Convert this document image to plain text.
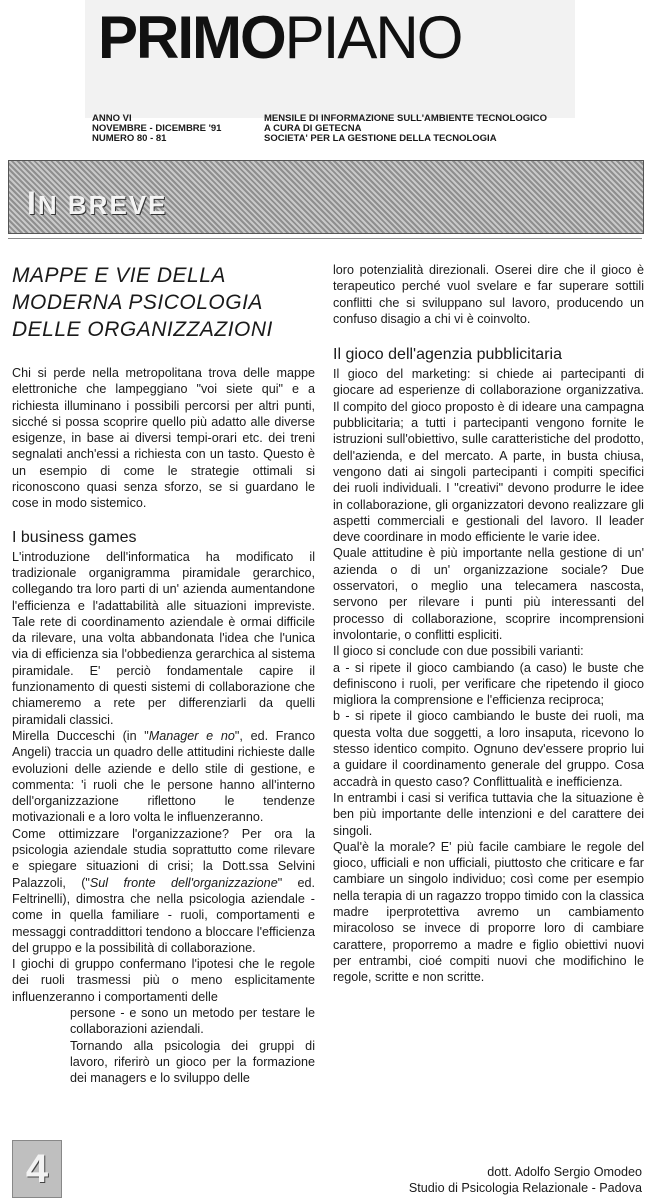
PRIMOPIANO
ANNO VI
NOVEMBRE - DICEMBRE '91
NUMERO 80 - 81
MENSILE DI INFORMAZIONE SULL'AMBIENTE TECNOLOGICO
A CURA DI GETECNA
SOCIETA' PER LA GESTIONE DELLA TECNOLOGIA
IN BREVE
MAPPE E VIE DELLA MODERNA PSICOLOGIA DELLE ORGANIZZAZIONI

Chi si perde nella metropolitana trova delle mappe elettroniche che lampeggiano "voi siete qui" e a richiesta illuminano i possibili percorsi per altri punti, sicché si possa scoprire quello più adatto alle diverse esigenze, in base ai diversi tempi-orari etc. dei treni segnalati anch'essi a richiesta con un tasto. Questo è un esempio di come le strategie ottimali si riconoscono quasi senza sforzo, se si guardano le cose in modo sistemico.

I business games

L'introduzione dell'informatica ha modificato il tradizionale organigramma piramidale gerarchico, collegando tra loro parti di un' azienda aumentandone l'efficienza e l'adattabilità alle situazioni impreviste. Tale rete di coordinamento aziendale è ormai difficile da rilevare, una volta abbandonata l'idea che l'unica via di efficienza sia l'obbedienza gerarchica al sistema piramidale. E' perciò fondamentale capire il funzionamento di questi sistemi di collaborazione che chiameremo a rete per differenziarli da quelli piramidali classici.

Mirella Ducceschi (in "Manager e no", ed. Franco Angeli) traccia un quadro delle attitudini richieste dalle evoluzioni delle aziende e dello stile di gestione, e commenta: 'i ruoli che le persone hanno all'interno dell'organizzazione riflettono le tendenze motivazionali e a loro volta le influenzeranno.

Come ottimizzare l'organizzazione? Per ora la psicologia aziendale studia soprattutto come rilevare e spiegare situazioni di crisi; la Dott.ssa Selvini Palazzoli, ("Sul fronte dell'organizzazione" ed. Feltrinelli), dimostra che nella psicologia aziendale - come in quella familiare - ruoli, comportamenti e messaggi contraddittori tendono a bloccare l'efficienza del gruppo e la possibilità di collaborazione.

I giochi di gruppo confermano l'ipotesi che le regole dei ruoli trasmessi più o meno esplicitamente influenzeranno i comportamenti delle

persone - e sono un metodo per testare le collaborazioni aziendali.

Tornando alla psicologia dei gruppi di lavoro, riferirò un gioco per la formazione dei managers e lo sviluppo delle

4

loro potenzialità direzionali. Oserei dire che il gioco è terapeutico perché vuol svelare e far superare sottili conflitti che si sviluppano sul lavoro, producendo un confuso disagio a chi vi è coinvolto.

Il gioco dell'agenzia pubblicitaria

Il gioco del marketing: si chiede ai partecipanti di giocare ad esperienze di collaborazione organizzativa. Il compito del gioco proposto è di ideare una campagna pubblicitaria; a tutti i partecipanti vengono fornite le istruzioni sull'obiettivo, sulle caratteristiche del prodotto, dell'azienda, e del mercato. A parte, in busta chiusa, vengono dati ai singoli partecipanti i compiti specifici dei ruoli individuali. I "creativi" devono produrre le idee in collaborazione, gli organizzatori devono realizzare gli aspetti commerciali e gestionali del lavoro. Il leader deve coordinare in modo efficiente le varie idee.

Quale attitudine è più importante nella gestione di un' azienda o di un' organizzazione sociale? Due osservatori, o meglio una telecamera nascosta, servono per rilevare i punti più interessanti del processo di collaborazione, scoprire incomprensioni involontarie, o conflitti espliciti.

Il gioco si conclude con due possibili varianti:

a - si ripete il gioco cambiando (a caso) le buste che definiscono i ruoli, per verificare che ripetendo il gioco migliora la comprensione e l'efficienza reciproca;

b - si ripete il gioco cambiando le buste dei ruoli, ma questa volta due soggetti, a loro insaputa, ricevono lo stesso identico compito. Ognuno dev'essere proprio lui a guidare il coordinamento generale del gruppo. Cosa accadrà in questo caso? Conflittualità e inefficienza.

In entrambi i casi si verifica tuttavia che la situazione è ben più importante delle intenzioni e del carattere dei singoli.

Qual'è la morale? E' più facile cambiare le regole del gioco, ufficiali e non ufficiali, piuttosto che criticare e far cambiare un singolo individuo; così come per esempio nella terapia di un ragazzo troppo timido con la classica madre iperprotettiva avremo un cambiamento miracoloso se invece di proporre loro di cambiare carattere, proporremo a madre e figlio obiettivi nuovi per entrambi, cioé compiti nuovi che modifichino le regole, scritte e non scritte.

dott. Adolfo Sergio Omodeo
Studio di Psicologia Relazionale - Padova
